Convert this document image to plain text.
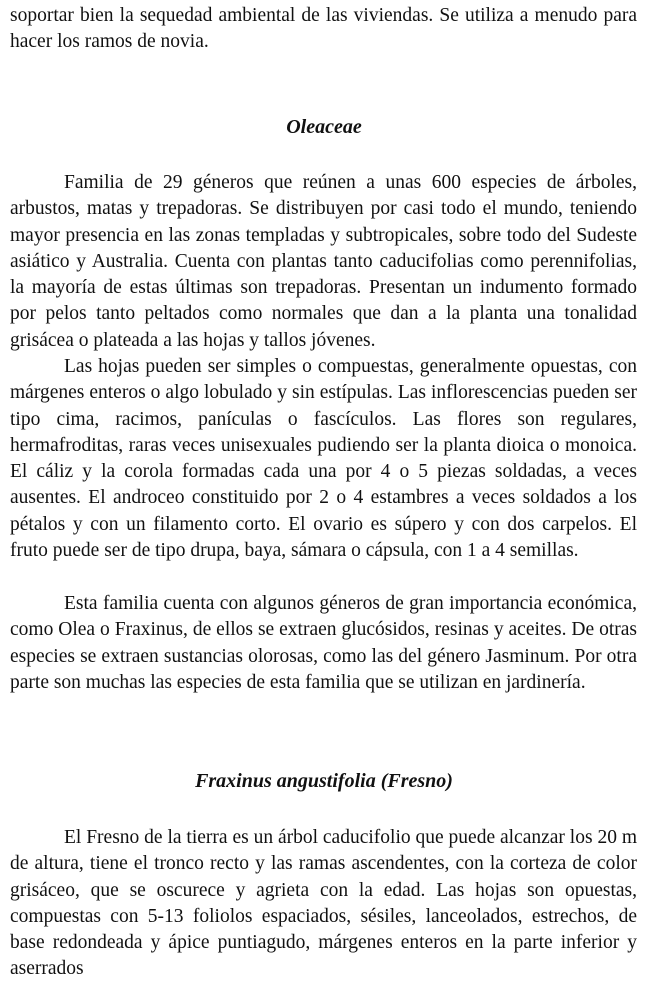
soportar bien la sequedad ambiental de las viviendas. Se utiliza a menudo para hacer los ramos de novia.

Oleaceae

Familia de 29 géneros que reúnen a unas 600 especies de árboles, arbustos, matas y trepadoras. Se distribuyen por casi todo el mundo, teniendo mayor presencia en las zonas templadas y subtropicales, sobre todo del Sudeste asiático y Australia. Cuenta con plantas tanto caducifolias como perennifolias, la mayoría de estas últimas son trepadoras. Presentan un indumento formado por pelos tanto peltados como normales que dan a la planta una tonalidad grisácea o plateada a las hojas y tallos jóvenes.

Las hojas pueden ser simples o compuestas, generalmente opuestas, con márgenes enteros o algo lobulado y sin estípulas. Las inflorescencias pueden ser tipo cima, racimos, panículas o fascículos. Las flores son regulares, hermafroditas, raras veces unisexuales pudiendo ser la planta dioica o monoica. El cáliz y la corola formadas cada una por 4 o 5 piezas soldadas, a veces ausentes. El androceo constituido por 2 o 4 estambres a veces soldados a los pétalos y con un filamento corto. El ovario es súpero y con dos carpelos. El fruto puede ser de tipo drupa, baya, sámara o cápsula, con 1 a 4 semillas.

Esta familia cuenta con algunos géneros de gran importancia económica, como Olea o Fraxinus, de ellos se extraen glucósidos, resinas y aceites. De otras especies se extraen sustancias olorosas, como las del género Jasminum. Por otra parte son muchas las especies de esta familia que se utilizan en jardinería.

Fraxinus angustifolia (Fresno)

El Fresno de la tierra es un árbol caducifolio que puede alcanzar los 20 m de altura, tiene el tronco recto y las ramas ascendentes, con la corteza de color grisáceo, que se oscurece y agrieta con la edad. Las hojas son opuestas, compuestas con 5-13 foliolos espaciados, sésiles, lanceolados, estrechos, de base redondeada y ápice puntiagudo, márgenes enteros en la parte inferior y aserrados
